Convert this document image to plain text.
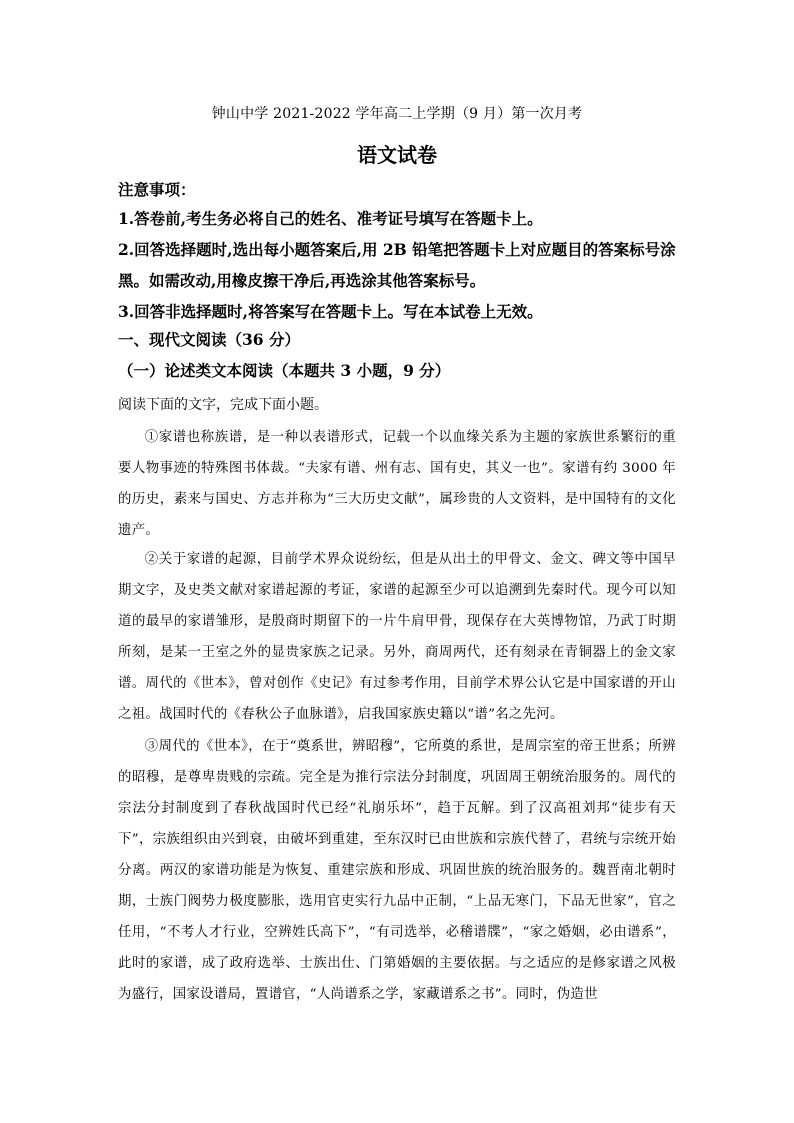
钟山中学 2021-2022 学年高二上学期（9 月）第一次月考
语文试卷
注意事项：
1.答卷前,考生务必将自己的姓名、准考证号填写在答题卡上。
2.回答选择题时,选出每小题答案后,用 2B 铅笔把答题卡上对应题目的答案标号涂黑。如需改动,用橡皮擦干净后,再选涂其他答案标号。
3.回答非选择题时,将答案写在答题卡上。写在本试卷上无效。
一、现代文阅读（36 分）
（一）论述类文本阅读（本题共 3 小题，9 分）
阅读下面的文字，完成下面小题。
①家谱也称族谱，是一种以表谱形式，记载一个以血缘关系为主题的家族世系繁衍的重要人物事迹的特殊图书体裁。“夫家有谱、州有志、国有史，其义一也”。家谱有约 3000 年的历史，素来与国史、方志并称为“三大历史文献”，属珍贵的人文资料，是中国特有的文化遗产。
②关于家谱的起源，目前学术界众说纷纭，但是从出土的甲骨文、金文、碑文等中国早期文字，及史类文献对家谱起源的考证，家谱的起源至少可以追溯到先秦时代。现今可以知道的最早的家谱雏形，是殷商时期留下的一片牛肩甲骨，现保存在大英博物馆，乃武丁时期所刻，是某一王室之外的显贵家族之记录。另外，商周两代，还有刻录在青铜器上的金文家谱。周代的《世本》，曾对创作《史记》有过参考作用，目前学术界公认它是中国家谱的开山之祖。战国时代的《春秋公子血脉谱》，启我国家族史籍以“谱”名之先河。
③周代的《世本》，在于“奠系世，辨昭穆”，它所奠的系世，是周宗室的帝王世系；所辨的昭穆，是尊卑贵贱的宗疏。完全是为推行宗法分封制度，巩固周王朝统治服务的。周代的宗法分封制度到了春秋战国时代已经“礼崩乐坏”，趋于瓦解。到了汉高祖刘邦“徒步有天下”，宗族组织由兴到衰，由破坏到重建，至东汉时已由世族和宗族代替了，君统与宗统开始分离。两汉的家谱功能是为恢复、重建宗族和形成、巩固世族的统治服务的。魏晋南北朝时期，士族门阀势力极度膨胀，选用官吏实行九品中正制，“上品无寒门，下品无世家”，官之任用，“不考人才行业，空辨姓氏高下”，“有司选举，必稽谱牒”，“家之婚姻，必由谱系”，此时的家谱，成了政府选举、士族出仕、门第婚姻的主要依据。与之适应的是修家谱之风极为盛行，国家设谱局，置谱官，“人尚谱系之学，家藏谱系之书”。同时，伪造世
